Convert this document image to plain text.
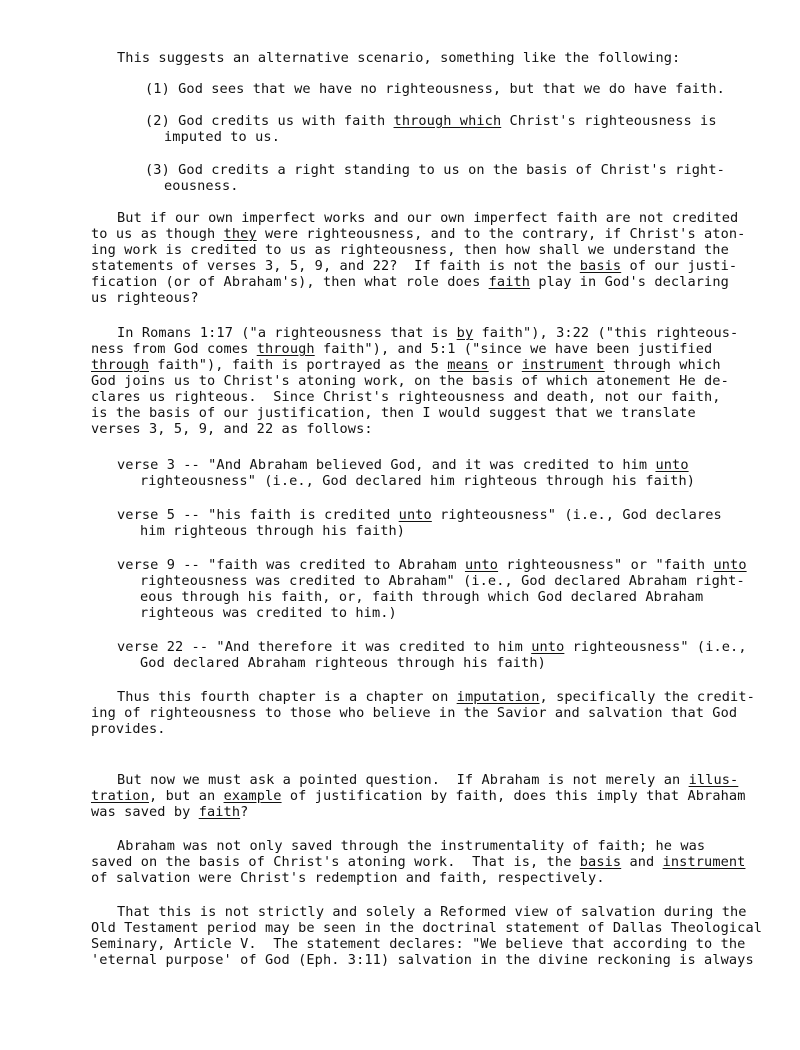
This suggests an alternative scenario, something like the following:
(1) God sees that we have no righteousness, but that we do have faith.
(2) God credits us with faith through which Christ's righteousness is
imputed to us.
(3) God credits a right standing to us on the basis of Christ's right-
eousness.
But if our own imperfect works and our own imperfect faith are not credited
to us as though they were righteousness, and to the contrary, if Christ's aton-
ing work is credited to us as righteousness, then how shall we understand the
statements of verses 3, 5, 9, and 22?  If faith is not the basis of our justi-
fication (or of Abraham's), then what role does faith play in God's declaring
us righteous?
In Romans 1:17 ("a righteousness that is by faith"), 3:22 ("this righteous-
ness from God comes through faith"), and 5:1 ("since we have been justified
through faith"), faith is portrayed as the means or instrument through which
God joins us to Christ's atoning work, on the basis of which atonement He de-
clares us righteous.  Since Christ's righteousness and death, not our faith,
is the basis of our justification, then I would suggest that we translate
verses 3, 5, 9, and 22 as follows:
verse 3 -- "And Abraham believed God, and it was credited to him unto
righteousness" (i.e., God declared him righteous through his faith)
verse 5 -- "his faith is credited unto righteousness" (i.e., God declares
him righteous through his faith)
verse 9 -- "faith was credited to Abraham unto righteousness" or "faith unto
righteousness was credited to Abraham" (i.e., God declared Abraham right-
eous through his faith, or, faith through which God declared Abraham
righteous was credited to him.)
verse 22 -- "And therefore it was credited to him unto righteousness" (i.e.,
God declared Abraham righteous through his faith)
Thus this fourth chapter is a chapter on imputation, specifically the credit-
ing of righteousness to those who believe in the Savior and salvation that God
provides.
But now we must ask a pointed question.  If Abraham is not merely an illus-
tration, but an example of justification by faith, does this imply that Abraham
was saved by faith?
Abraham was not only saved through the instrumentality of faith; he was
saved on the basis of Christ's atoning work.  That is, the basis and instrument
of salvation were Christ's redemption and faith, respectively.
That this is not strictly and solely a Reformed view of salvation during the
Old Testament period may be seen in the doctrinal statement of Dallas Theological
Seminary, Article V.  The statement declares: "We believe that according to the
'eternal purpose' of God (Eph. 3:11) salvation in the divine reckoning is always
